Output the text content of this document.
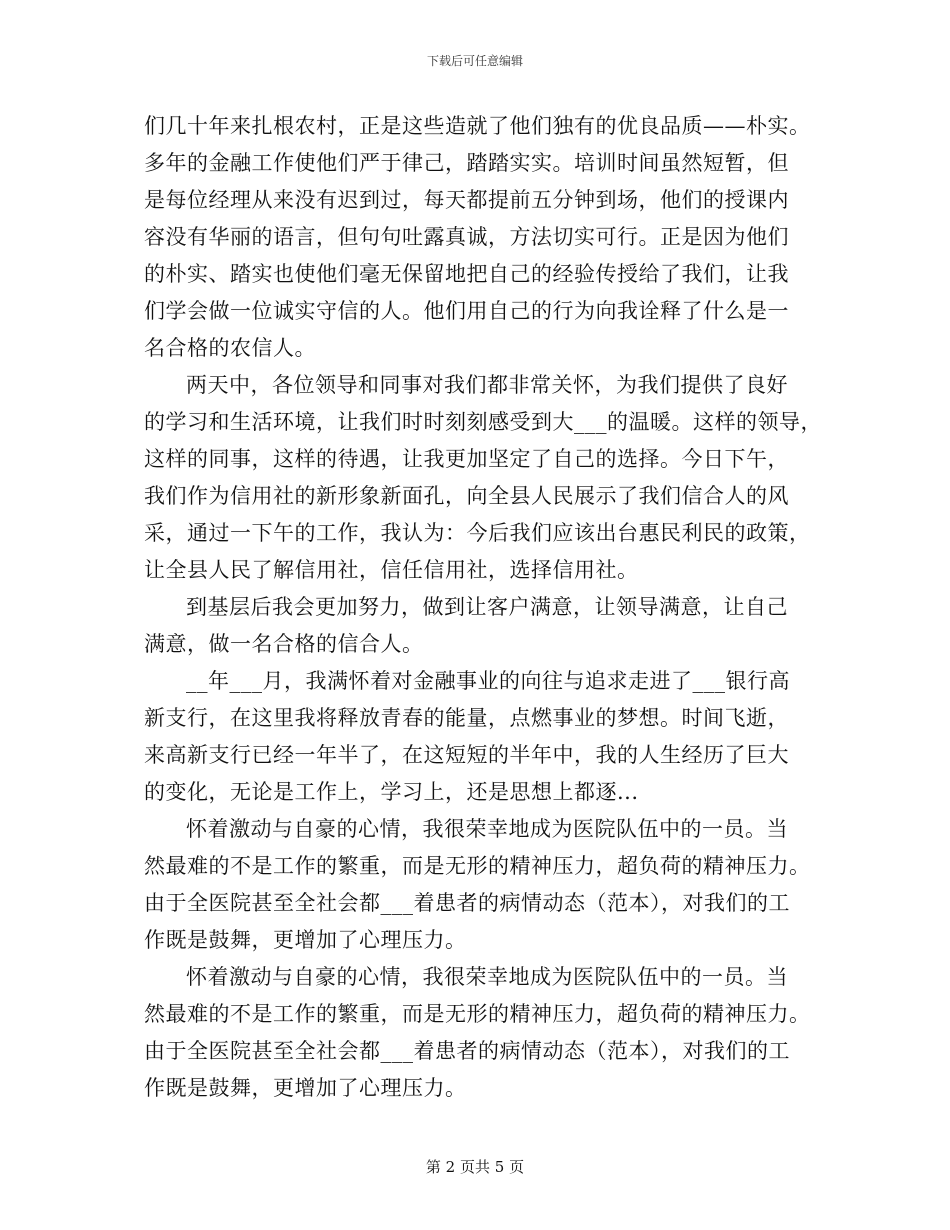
下载后可任意编辑
们几十年来扎根农村，正是这些造就了他们独有的优良品质——朴实。
多年的金融工作使他们严于律己，踏踏实实。培训时间虽然短暂，但
是每位经理从来没有迟到过，每天都提前五分钟到场，他们的授课内
容没有华丽的语言，但句句吐露真诚，方法切实可行。正是因为他们
的朴实、踏实也使他们毫无保留地把自己的经验传授给了我们，让我
们学会做一位诚实守信的人。他们用自己的行为向我诠释了什么是一
名合格的农信人。
两天中，各位领导和同事对我们都非常关怀，为我们提供了良好
的学习和生活环境，让我们时时刻刻感受到大___的温暖。这样的领导，
这样的同事，这样的待遇，让我更加坚定了自己的选择。今日下午，
我们作为信用社的新形象新面孔，向全县人民展示了我们信合人的风
采，通过一下午的工作，我认为：今后我们应该出台惠民利民的政策，
让全县人民了解信用社，信任信用社，选择信用社。
到基层后我会更加努力，做到让客户满意，让领导满意，让自己
满意，做一名合格的信合人。
__年___月，我满怀着对金融事业的向往与追求走进了___银行高
新支行，在这里我将释放青春的能量，点燃事业的梦想。时间飞逝，
来高新支行已经一年半了，在这短短的半年中，我的人生经历了巨大
的变化，无论是工作上，学习上，还是思想上都逐...
怀着激动与自豪的心情，我很荣幸地成为医院队伍中的一员。当
然最难的不是工作的繁重，而是无形的精神压力，超负荷的精神压力。
由于全医院甚至全社会都___着患者的病情动态（范本），对我们的工
作既是鼓舞，更增加了心理压力。
怀着激动与自豪的心情，我很荣幸地成为医院队伍中的一员。当
然最难的不是工作的繁重，而是无形的精神压力，超负荷的精神压力。
由于全医院甚至全社会都___着患者的病情动态（范本），对我们的工
作既是鼓舞，更增加了心理压力。
第 2 页共 5 页
